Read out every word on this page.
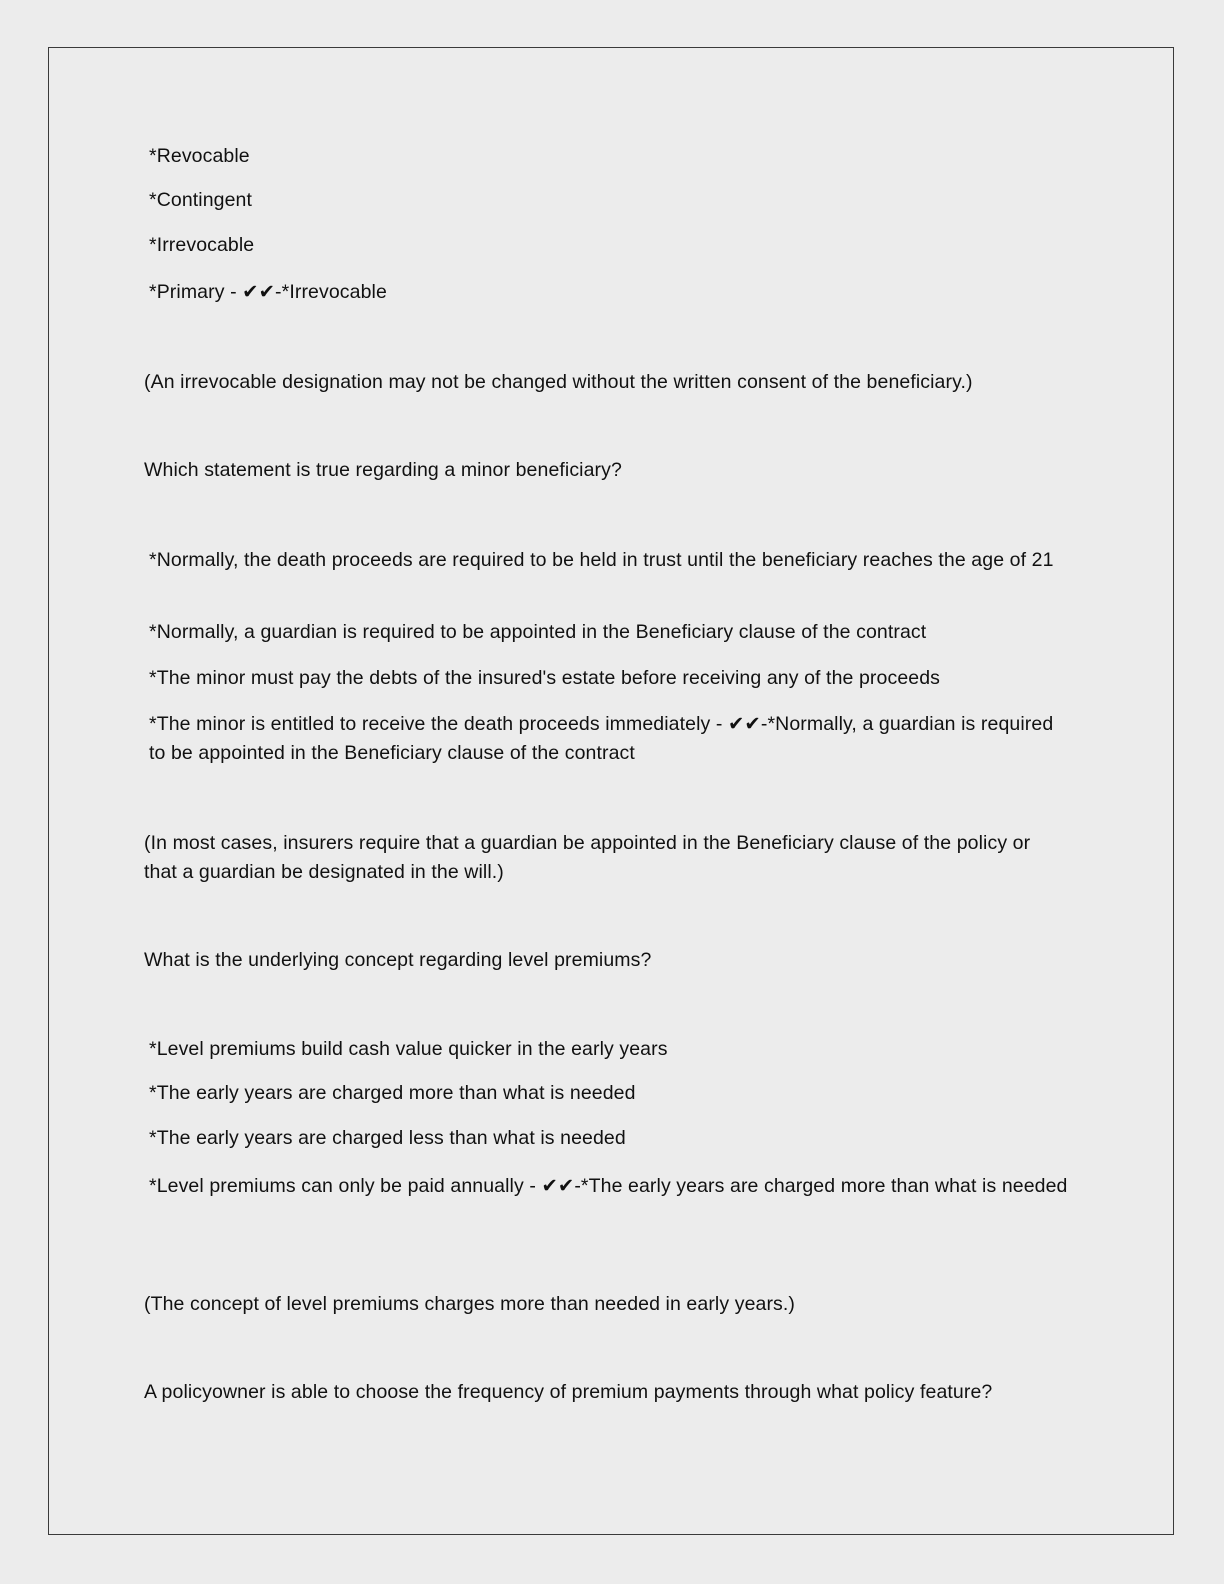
*Revocable
*Contingent
*Irrevocable
*Primary - ✔✔-*Irrevocable
(An irrevocable designation may not be changed without the written consent of the beneficiary.)
Which statement is true regarding a minor beneficiary?
*Normally, the death proceeds are required to be held in trust until the beneficiary reaches the age of 21
*Normally, a guardian is required to be appointed in the Beneficiary clause of the contract
*The minor must pay the debts of the insured's estate before receiving any of the proceeds
*The minor is entitled to receive the death proceeds immediately - ✔✔-*Normally, a guardian is required to be appointed in the Beneficiary clause of the contract
(In most cases, insurers require that a guardian be appointed in the Beneficiary clause of the policy or that a guardian be designated in the will.)
What is the underlying concept regarding level premiums?
*Level premiums build cash value quicker in the early years
*The early years are charged more than what is needed
*The early years are charged less than what is needed
*Level premiums can only be paid annually - ✔✔-*The early years are charged more than what is needed
(The concept of level premiums charges more than needed in early years.)
A policyowner is able to choose the frequency of premium payments through what policy feature?
